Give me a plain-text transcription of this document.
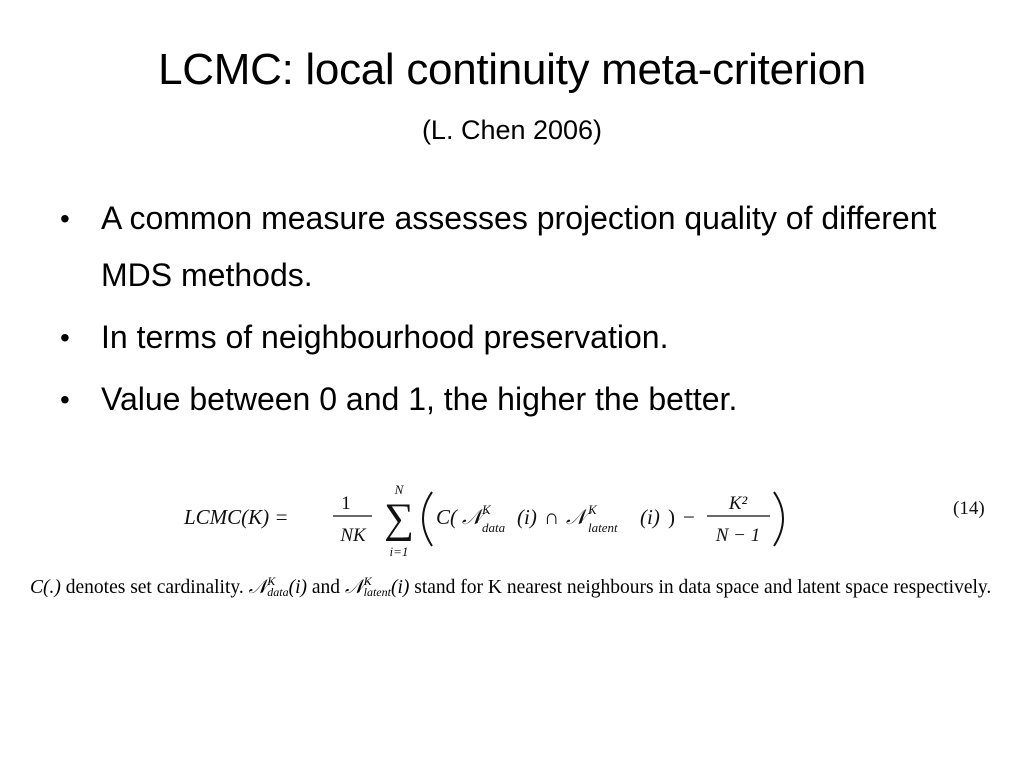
LCMC: local continuity meta-criterion
(L. Chen 2006)
• A common measure assesses projection quality of different MDS methods.
• In terms of neighbourhood preservation.
• Value between 0 and 1, the higher the better.
LCMC(K) =
1
NK
N
∑
i=1
C( 𝒩 K
data (i) ∩ 𝒩 K
latent (i) ) −
K²
N − 1
(14)
C(.) denotes set cardinality. 𝒩 K
data (i) and 𝒩 K
latent (i) stand for K nearest neighbours in data space and latent space respectively.
